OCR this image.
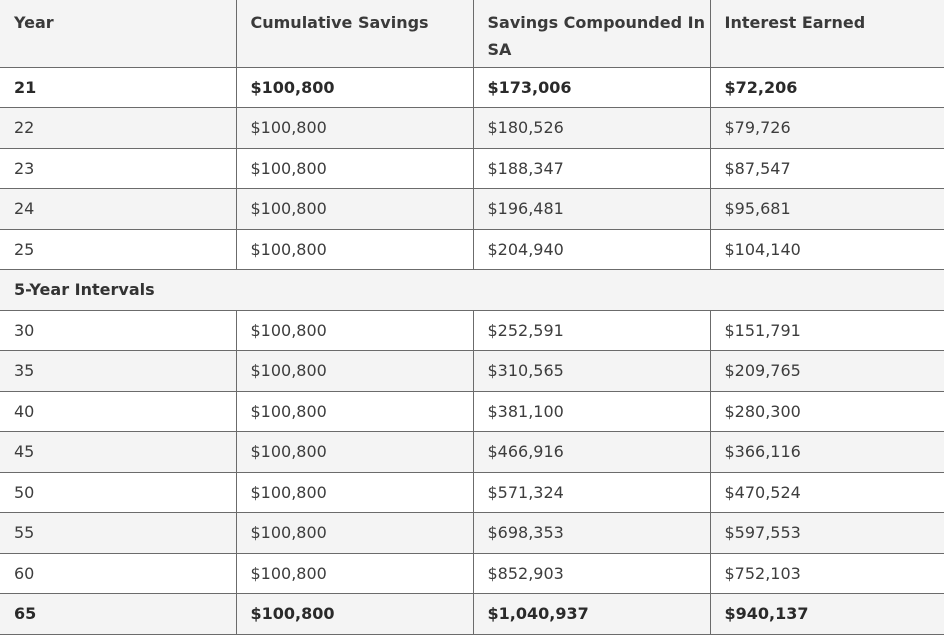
Year	Cumulative Savings	Savings Compounded In SA	Interest Earned
21	$100,800	$173,006	$72,206
22	$100,800	$180,526	$79,726
23	$100,800	$188,347	$87,547
24	$100,800	$196,481	$95,681
25	$100,800	$204,940	$104,140
5-Year Intervals			
30	$100,800	$252,591	$151,791
35	$100,800	$310,565	$209,765
40	$100,800	$381,100	$280,300
45	$100,800	$466,916	$366,116
50	$100,800	$571,324	$470,524
55	$100,800	$698,353	$597,553
60	$100,800	$852,903	$752,103
65	$100,800	$1,040,937	$940,137
